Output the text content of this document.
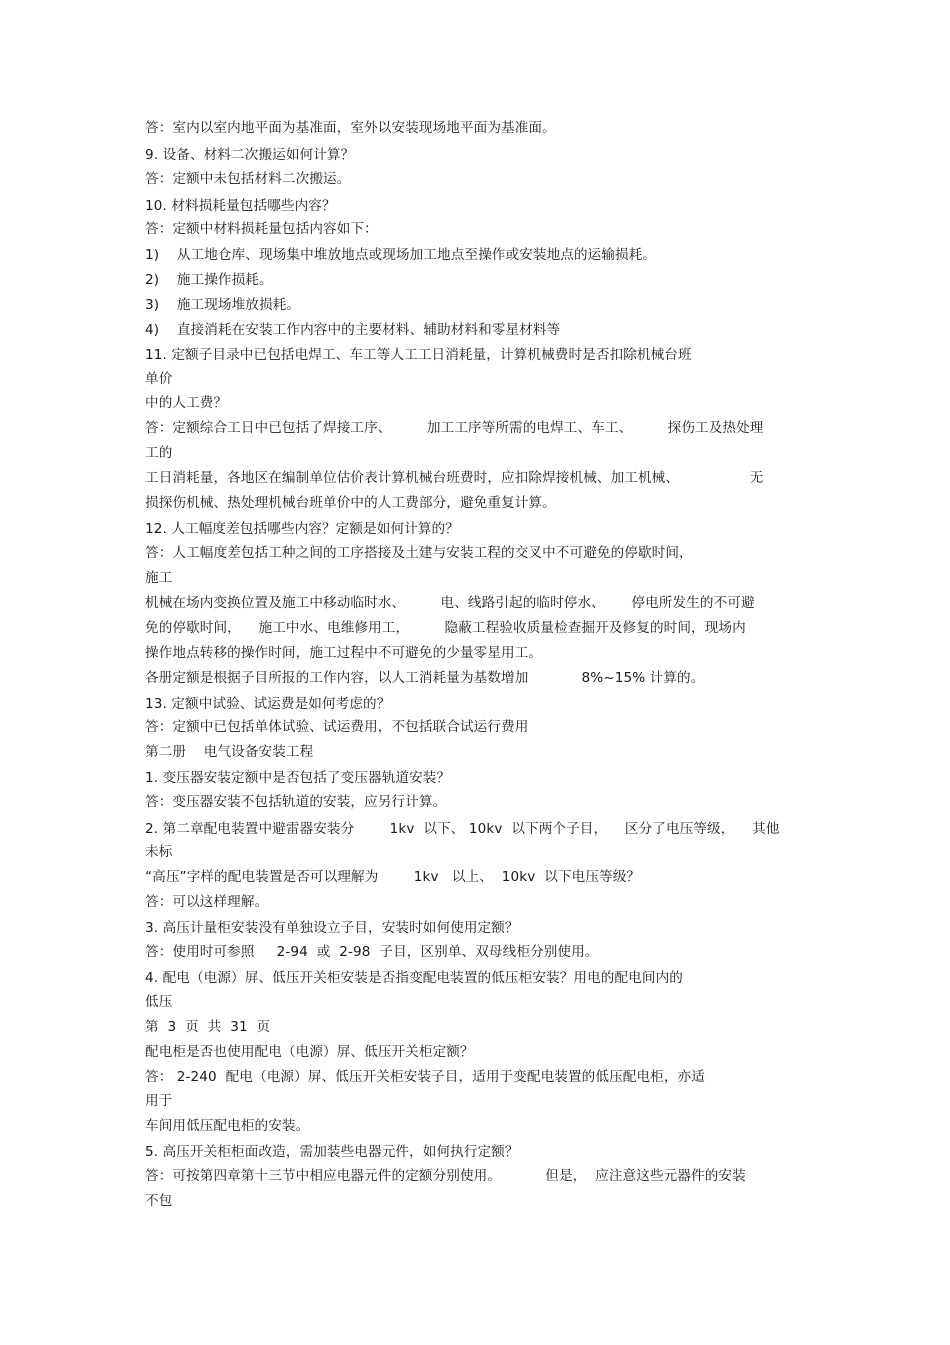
答：室内以室内地平面为基准面，室外以安装现场地平面为基准面。
9. 设备、材料二次搬运如何计算？
答：定额中未包括材料二次搬运。
10. 材料损耗量包括哪些内容？
答：定额中材料损耗量包括内容如下：
1)    从工地仓库、现场集中堆放地点或现场加工地点至操作或安装地点的运输损耗。
2)    施工操作损耗。
3)    施工现场堆放损耗。
4)    直接消耗在安装工作内容中的主要材料、辅助材料和零星材料等
11. 定额子目录中已包括电焊工、车工等人工工日消耗量，计算机械费时是否扣除机械台班
单价
中的人工费？
答：定额综合工日中已包括了焊接工序、        加工工序等所需的电焊工、车工、        探伤工及热处理
工的
工日消耗量，各地区在编制单位估价表计算机械台班费时，应扣除焊接机械、加工机械、                无
损探伤机械、热处理机械台班单价中的人工费部分，避免重复计算。
12. 人工幅度差包括哪些内容？定额是如何计算的？
答：人工幅度差包括工种之间的工序搭接及土建与安装工程的交叉中不可避免的停歇时间，
施工
机械在场内变换位置及施工中移动临时水、        电、线路引起的临时停水、      停电所发生的不可避
免的停歇时间，    施工中水、电维修用工，        隐蔽工程验收质量检查掘开及修复的时间，现场内
操作地点转移的操作时间，施工过程中不可避免的少量零星用工。
各册定额是根据子目所报的工作内容，以人工消耗量为基数增加            8%~15% 计算的。
13. 定额中试验、试运费是如何考虑的？
答：定额中已包括单体试验、试运费用，不包括联合试运行费用
第二册    电气设备安装工程
1. 变压器安装定额中是否包括了变压器轨道安装？
答：变压器安装不包括轨道的安装，应另行计算。
2. 第二章配电装置中避雷器安装分        1kv  以下、 10kv  以下两个子目，    区分了电压等级，    其他
未标
“高压”字样的配电装置是否可以理解为        1kv   以上、  10kv  以下电压等级？
答：可以这样理解。
3. 高压计量柜安装没有单独设立子目，安装时如何使用定额？
答：使用时可参照     2-94  或  2-98  子目，区别单、双母线柜分别使用。
4. 配电（电源）屏、低压开关柜安装是否指变配电装置的低压柜安装？用电的配电间内的
低压
第  3  页  共  31  页
配电柜是否也使用配电（电源）屏、低压开关柜定额？
答： 2-240  配电（电源）屏、低压开关柜安装子目，适用于变配电装置的低压配电柜，亦适
用于
车间用低压配电柜的安装。
5. 高压开关柜柜面改造，需加装些电器元件，如何执行定额？
答：可按第四章第十三节中相应电器元件的定额分别使用。          但是，  应注意这些元器件的安装
不包
